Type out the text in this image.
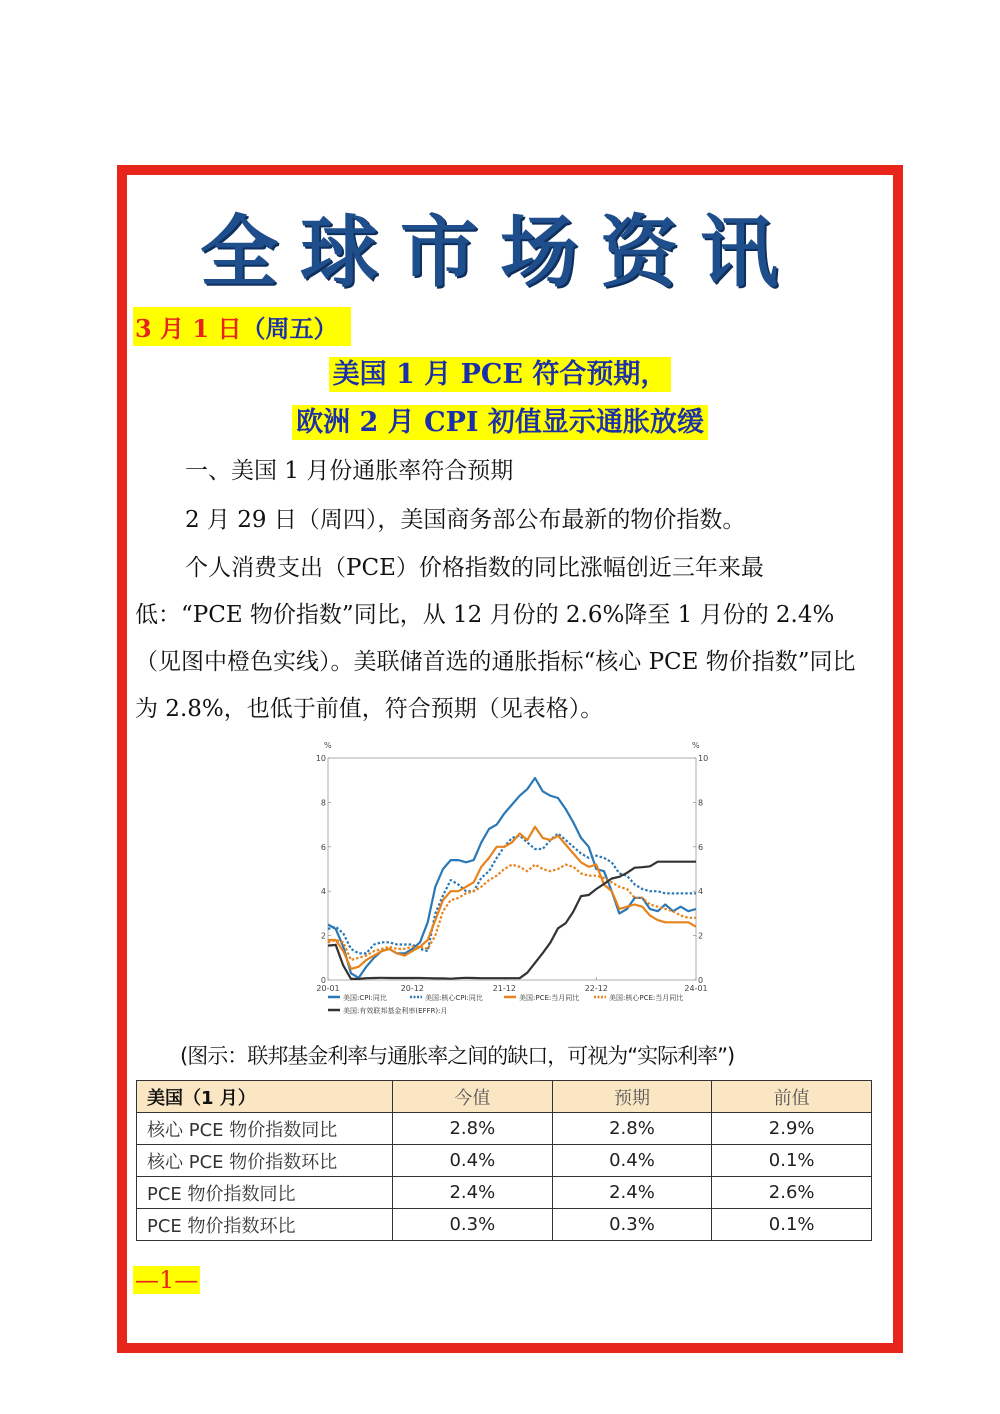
全球市场资讯
3 月 1 日（周五）
美国 1 月 PCE 符合预期，
欧洲 2 月 CPI 初值显示通胀放缓
一、美国 1 月份通胀率符合预期
2 月 29 日（周四），美国商务部公布最新的物价指数。
个人消费支出（PCE）价格指数的同比涨幅创近三年来最低：“PCE 物价指数”同比，从 12 月份的 2.6%降至 1 月份的 2.4%（见图中橙色实线）。美联储首选的通胀指标“核心 PCE 物价指数”同比为 2.8%，也低于前值，符合预期（见表格）。
%	%
0	0
2	2
4	4
6	6
8	8
10	10
20-01	20-12	21-12	22-12	24-01
美国:CPI:同比	美国:核心CPI:同比	美国:PCE:当月同比	美国:核心PCE:当月同比
美国:有效联邦基金利率(EFFR):月
(图示：联邦基金利率与通胀率之间的缺口，可视为“实际利率”)
美国（1 月）	今值	预期	前值
核心 PCE 物价指数同比	2.8%	2.8%	2.9%
核心 PCE 物价指数环比	0.4%	0.4%	0.1%
PCE 物价指数同比	2.4%	2.4%	2.6%
PCE 物价指数环比	0.3%	0.3%	0.1%
—1—
